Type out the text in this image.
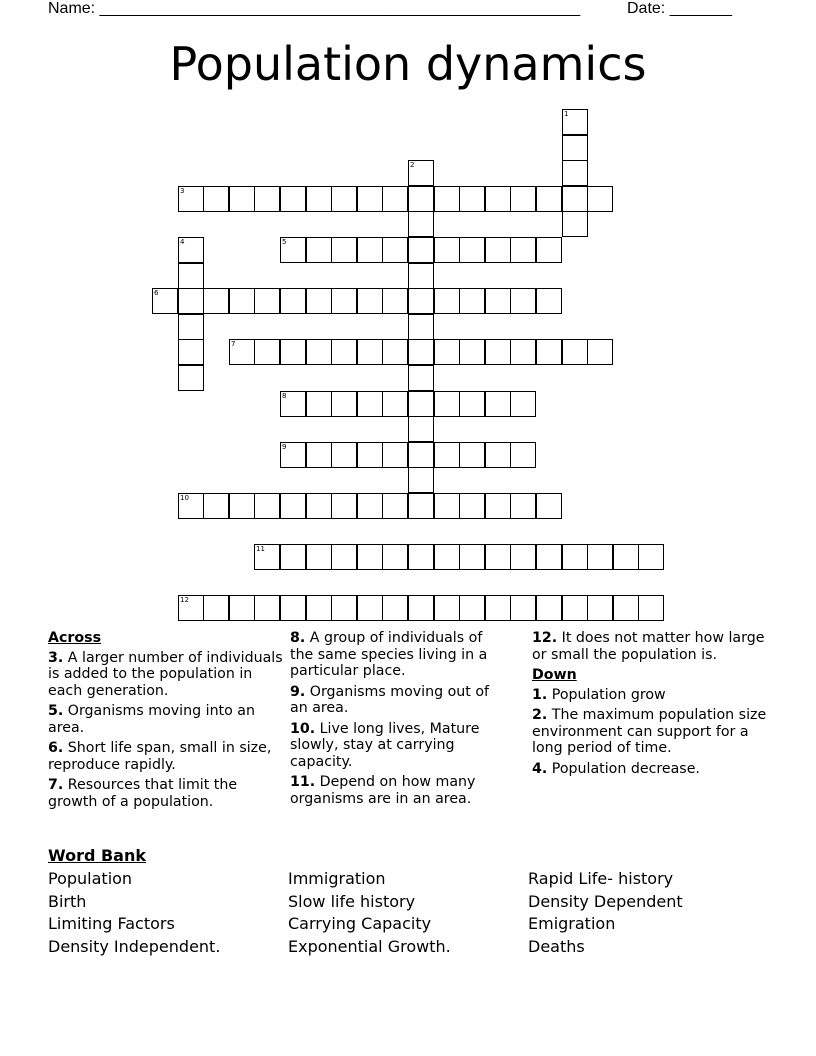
Name: ______________________________________________________	Date: _______
Population dynamics
1
2
3
4	5
6
7
8
9
10
11
12
Across
3. A larger number of individuals is added to the population in each generation.
5. Organisms moving into an area.
6. Short life span, small in size, reproduce rapidly.
7. Resources that limit the growth of a population.
8. A group of individuals of the same species living in a particular place.
9. Organisms moving out of an area.
10. Live long lives, Mature slowly, stay at carrying capacity.
11. Depend on how many organisms are in an area.
12. It does not matter how large or small the population is.
Down
1. Population grow
2. The maximum population size environment can support for a long period of time.
4. Population decrease.
Word Bank
Population
Birth
Limiting Factors
Density Independent.
Immigration
Slow life history
Carrying Capacity
Exponential Growth.
Rapid Life- history
Density Dependent
Emigration
Deaths
